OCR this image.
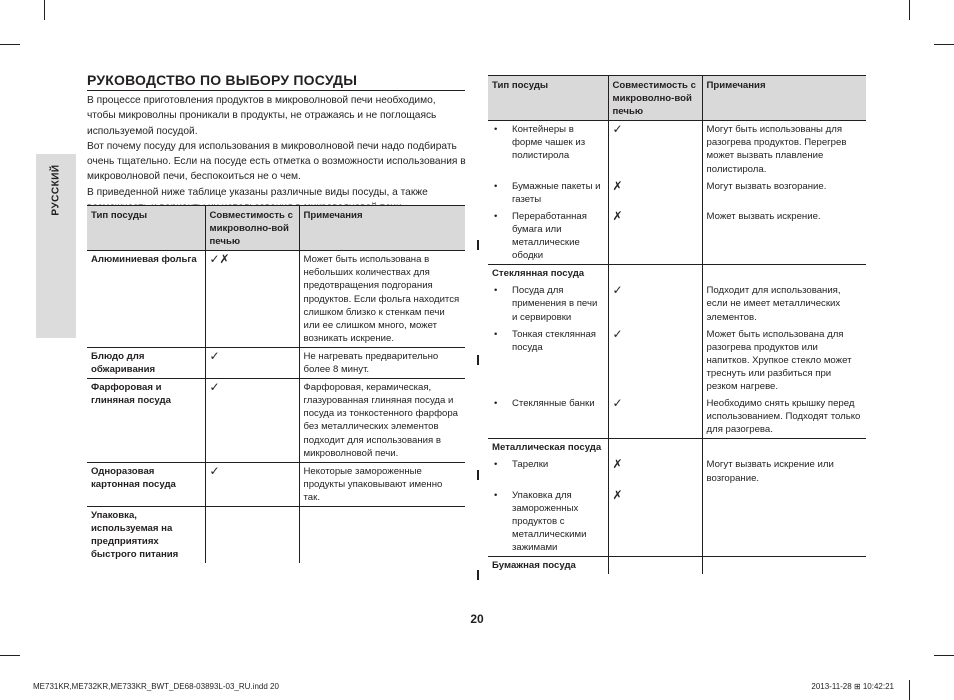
РУССКИЙ
РУКОВОДСТВО ПО ВЫБОРУ ПОСУДЫ

В процессе приготовления продуктов в микроволновой печи необходимо, чтобы микроволны проникали в продукты, не отражаясь и не поглощаясь используемой посудой.

Вот почему посуду для использования в микроволновой печи надо подбирать очень тщательно. Если на посуде есть отметка о возможности использования в микроволновой печи, беспокоиться не о чем.

В приведенной ниже таблице указаны различные виды посуды, а также

Тип посуды	Совместимость с микроволно-вой печью	Примечания
Алюминиевая фольга	✓✗	Может быть использована в небольших количествах для предотвращения подгорания продуктов. Если фольга находится слишком близко к стенкам печи или ее слишком много, может возникать искрение.
Блюдо для обжаривания	✓	Не нагревать предварительно более 8 минут.
Фарфоровая и глиняная посуда	✓	Фарфоровая, керамическая, глазурованная глиняная посуда и посуда из тонкостенного фарфора без металлических элементов подходит для использования в микроволновой печи.
Одноразовая картонная посуда	✓	Некоторые замороженные продукты упаковывают именно так.
Упаковка, используемая на предприятиях быстрого питания		
Тип посуды	Совместимость с микроволно-вой печью	Примечания

• Контейнеры в форме чашек из полистирола	✓	Могут быть использованы для разогрева продуктов. Перегрев может вызвать плавление полистирола.

• Бумажные пакеты и газеты	✗	Могут вызвать возгорание.

• Переработанная бумага или металлические ободки	✗	Может вызвать искрение.
Стеклянная посуда		

• Посуда для применения в печи и сервировки	✓	Подходит для использования, если не имеет металлических элементов.

• Тонкая стеклянная посуда	✓	Может быть использована для разогрева продуктов или напитков. Хрупкое стекло может треснуть или разбиться при резком нагреве.

• Стеклянные банки	✓	Необходимо снять крышку перед использованием. Подходят только для разогрева.
Металлическая посуда		

• Тарелки	✗	Могут вызвать искрение или возгорание.

• Упаковка для замороженных продуктов с металлическими зажимами	✗	
Бумажная посуда		
20
ME731KR,ME732KR,ME733KR_BWT_DE68-03893L-03_RU.indd 20	2013-11-28 ⊞ 10:42:21
